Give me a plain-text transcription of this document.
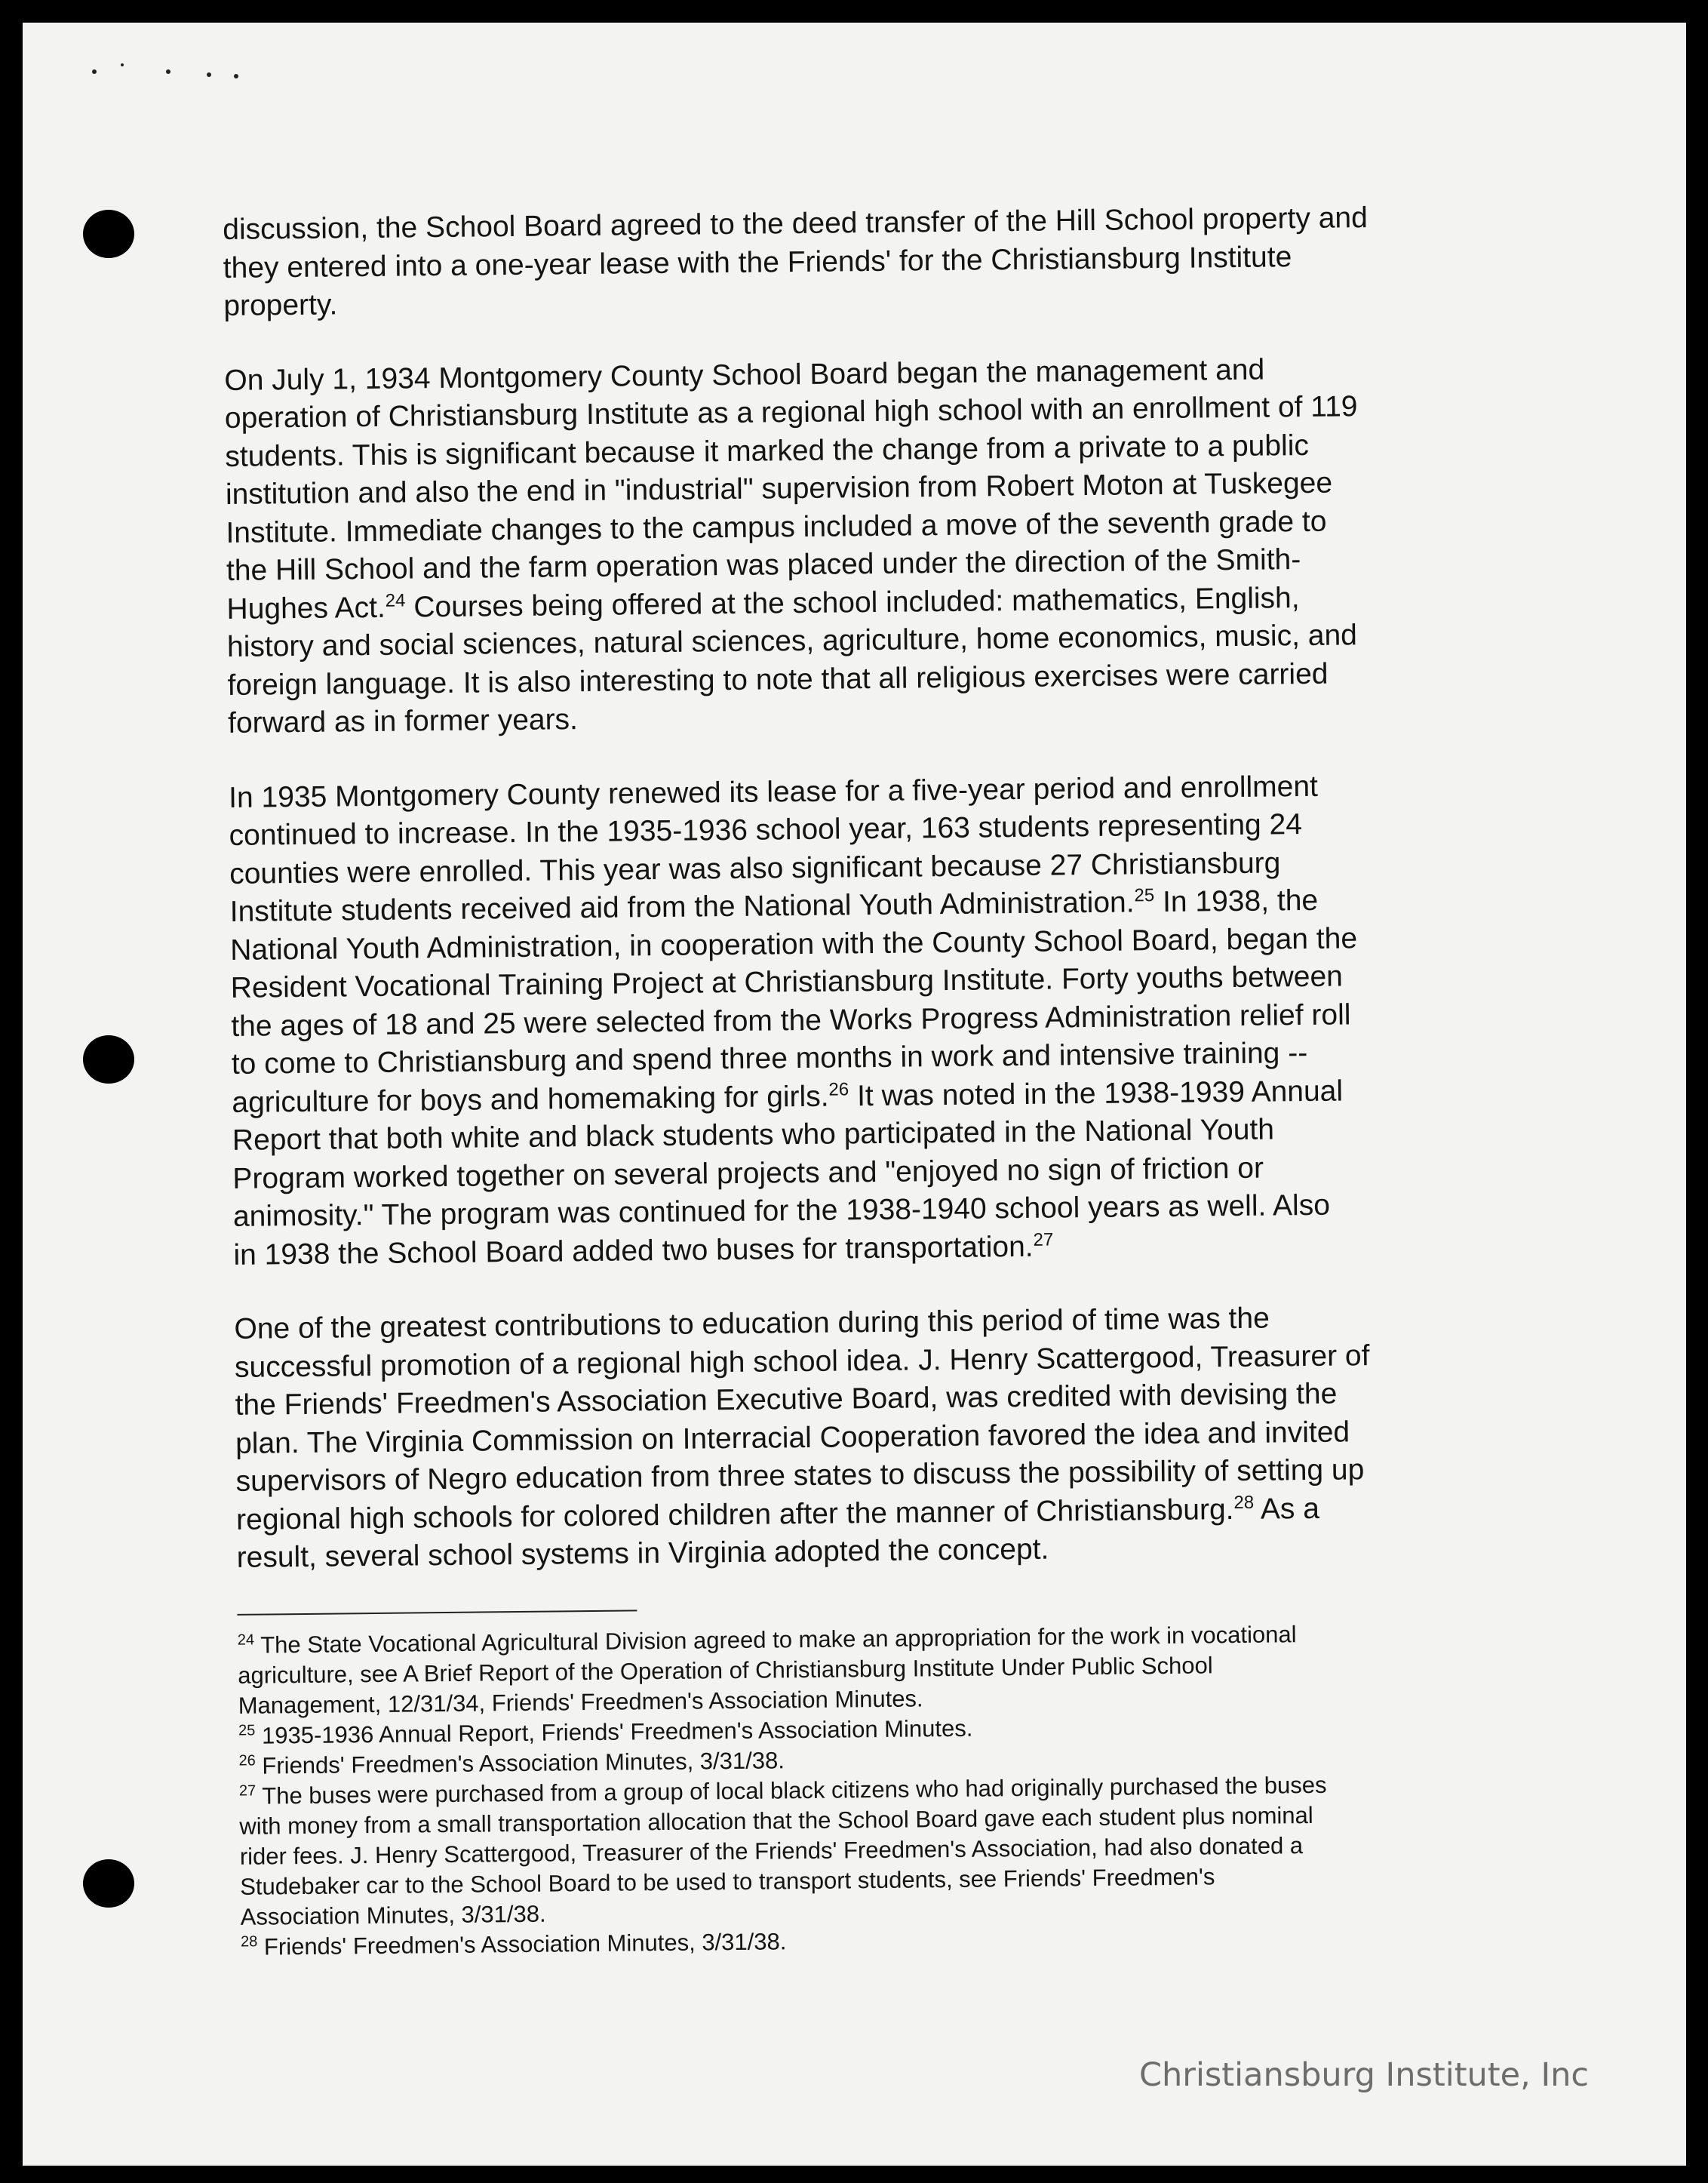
discussion, the School Board agreed to the deed transfer of the Hill School property and

they entered into a one-year lease with the Friends' for the Christiansburg Institute

property.

On July 1, 1934 Montgomery County School Board began the management and

operation of Christiansburg Institute as a regional high school with an enrollment of 119

students. This is significant because it marked the change from a private to a public

institution and also the end in "industrial" supervision from Robert Moton at Tuskegee

Institute. Immediate changes to the campus included a move of the seventh grade to

the Hill School and the farm operation was placed under the direction of the Smith-

Hughes Act.$^{24}$ Courses being offered at the school included: mathematics, English,

history and social sciences, natural sciences, agriculture, home economics, music, and

foreign language. It is also interesting to note that all religious exercises were carried

forward as in former years.

In 1935 Montgomery County renewed its lease for a five-year period and enrollment

continued to increase. In the 1935-1936 school year, 163 students representing 24

counties were enrolled. This year was also significant because 27 Christiansburg

Institute students received aid from the National Youth Administration.$^{25}$ In 1938, the

National Youth Administration, in cooperation with the County School Board, began the

Resident Vocational Training Project at Christiansburg Institute. Forty youths between

the ages of 18 and 25 were selected from the Works Progress Administration relief roll

to come to Christiansburg and spend three months in work and intensive training --

agriculture for boys and homemaking for girls.$^{26}$ It was noted in the 1938-1939 Annual

Report that both white and black students who participated in the National Youth

Program worked together on several projects and "enjoyed no sign of friction or

animosity." The program was continued for the 1938-1940 school years as well. Also

in 1938 the School Board added two buses for transportation.$^{27}$

One of the greatest contributions to education during this period of time was the

successful promotion of a regional high school idea. J. Henry Scattergood, Treasurer of

the Friends' Freedmen's Association Executive Board, was credited with devising the

plan. The Virginia Commission on Interracial Cooperation favored the idea and invited

supervisors of Negro education from three states to discuss the possibility of setting up

regional high schools for colored children after the manner of Christiansburg.$^{28}$ As a

result, several school systems in Virginia adopted the concept.

$^{24}$ The State Vocational Agricultural Division agreed to make an appropriation for the work in vocational

agriculture, see A Brief Report of the Operation of Christiansburg Institute Under Public School

Management, 12/31/34, Friends' Freedmen's Association Minutes.

$^{25}$ 1935-1936 Annual Report, Friends' Freedmen's Association Minutes.

$^{26}$ Friends' Freedmen's Association Minutes, 3/31/38.

$^{27}$ The buses were purchased from a group of local black citizens who had originally purchased the buses

with money from a small transportation allocation that the School Board gave each student plus nominal

rider fees. J. Henry Scattergood, Treasurer of the Friends' Freedmen's Association, had also donated a

Studebaker car to the School Board to be used to transport students, see Friends' Freedmen's

Association Minutes, 3/31/38.

$^{28}$ Friends' Freedmen's Association Minutes, 3/31/38.

Christiansburg Institute, Inc
